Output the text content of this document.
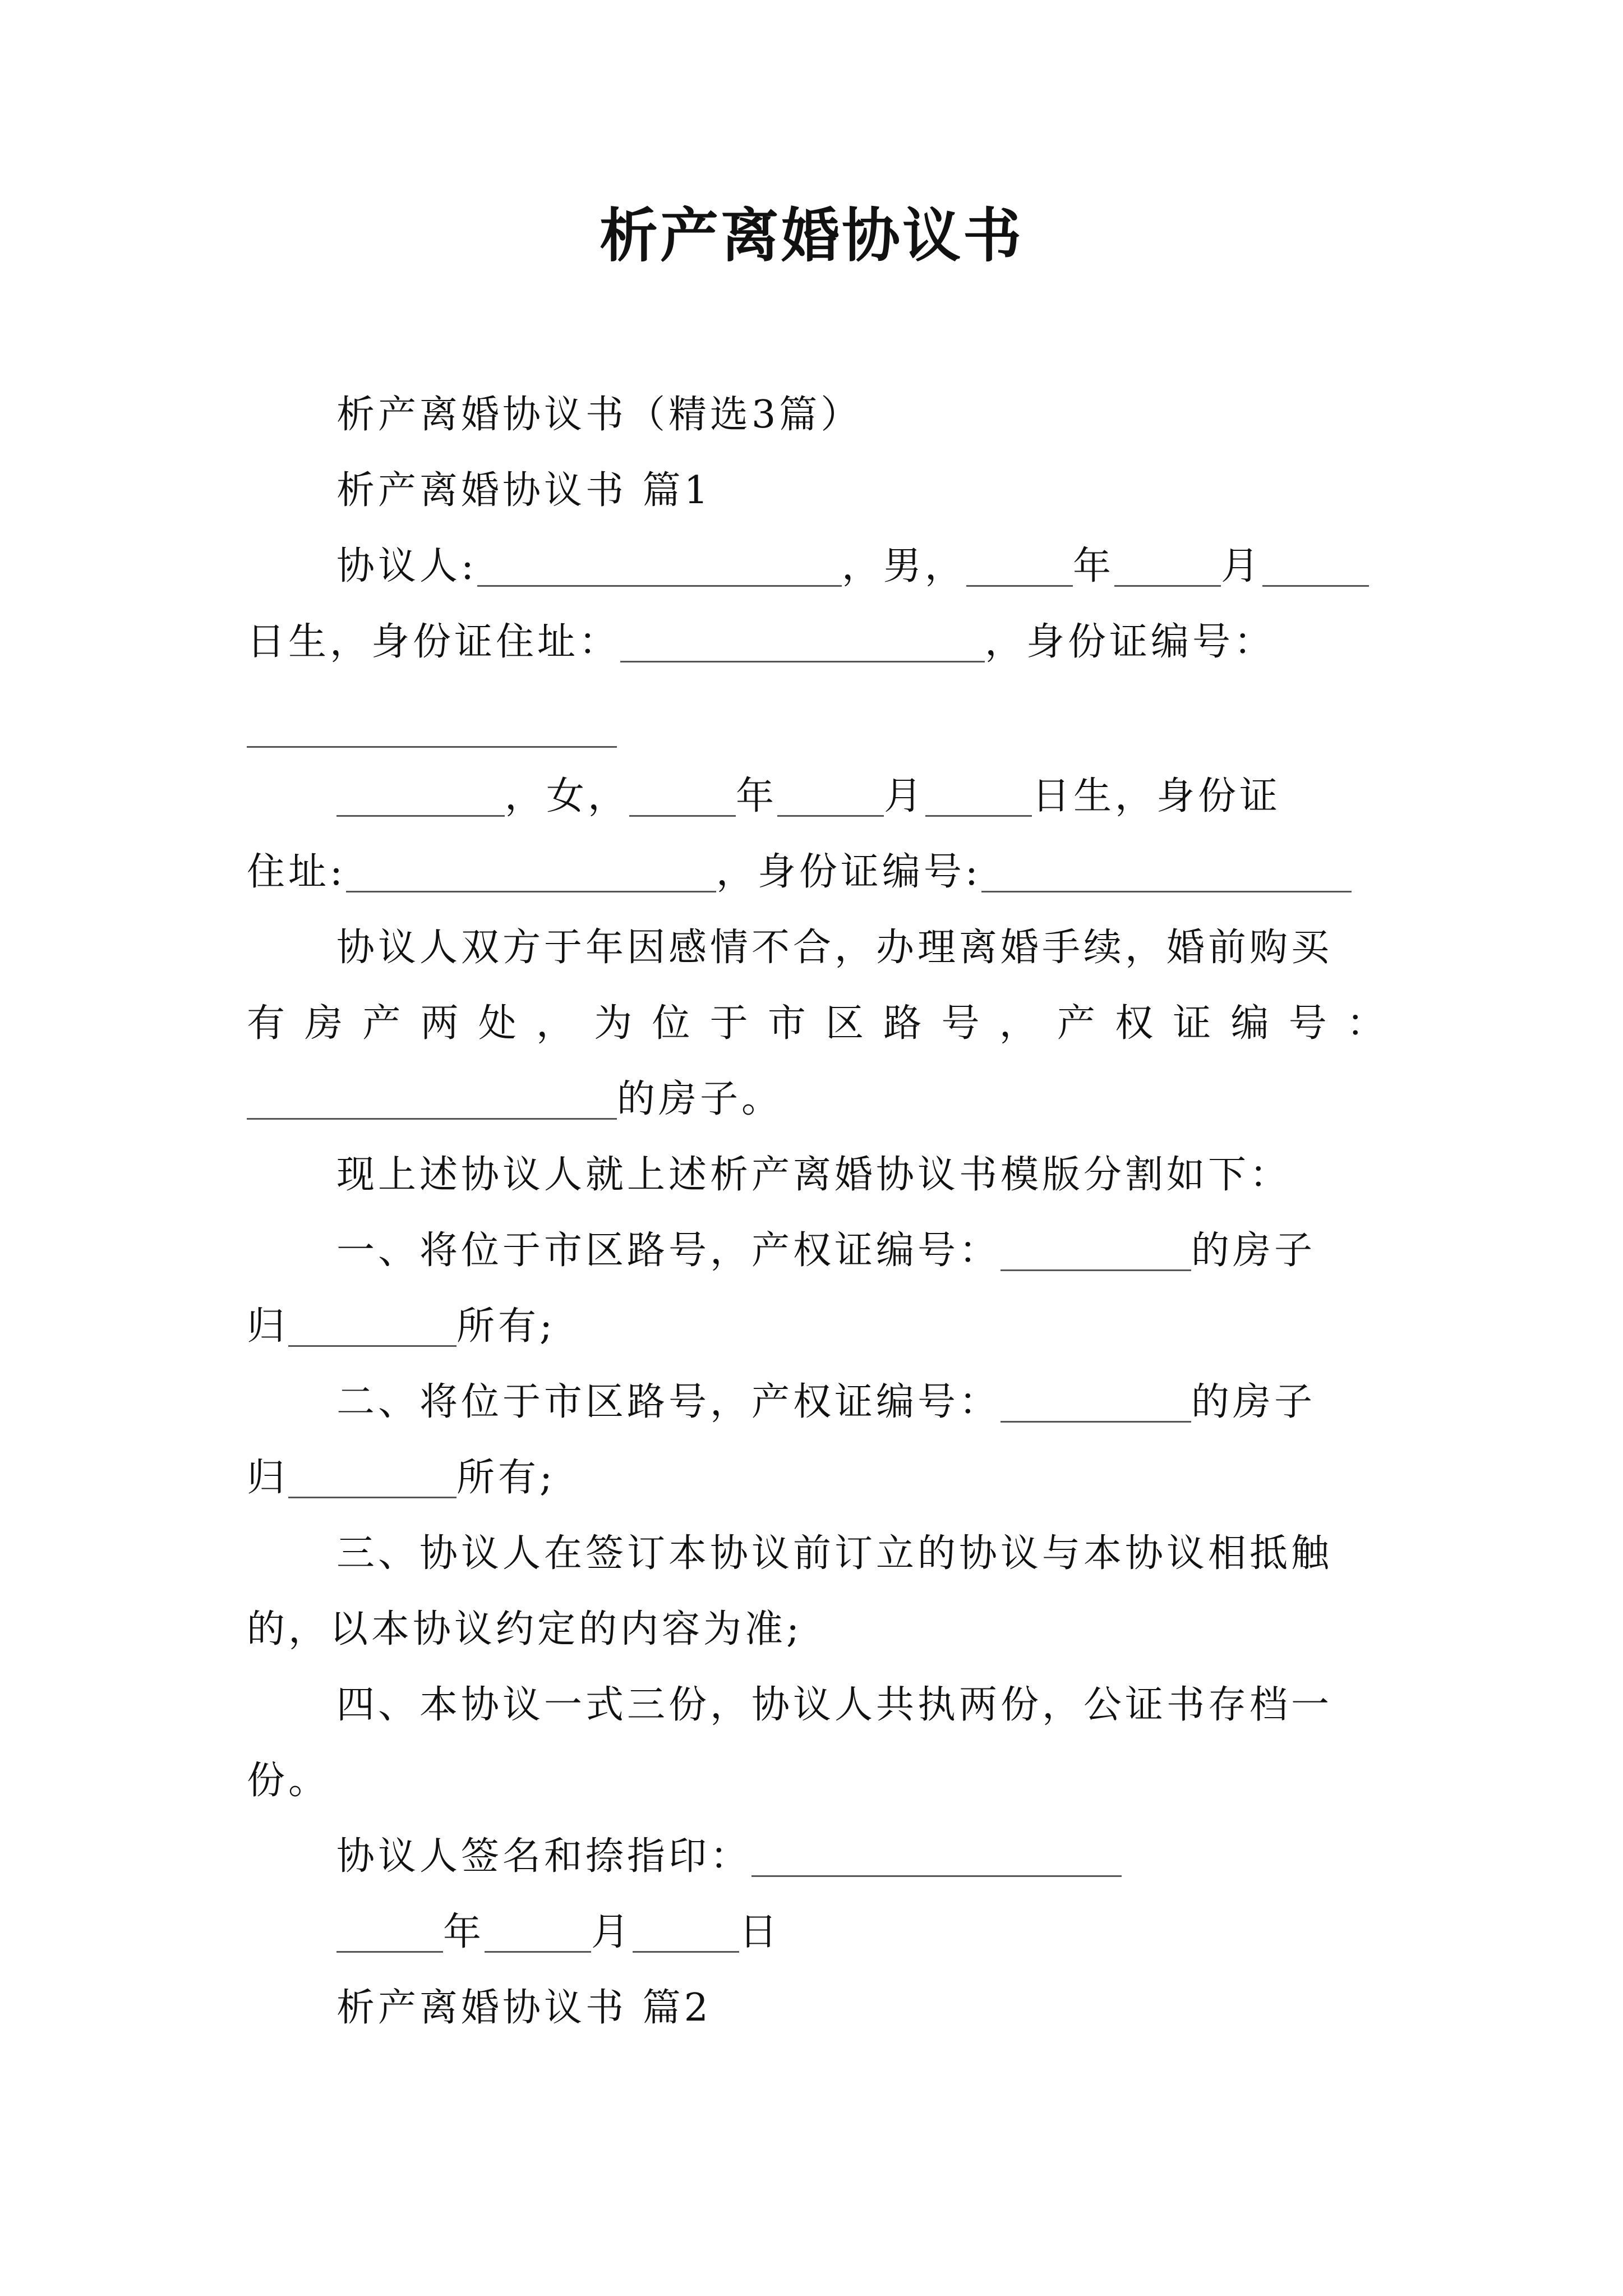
析产离婚协议书
析产离婚协议书（精选3篇）
析产离婚协议书 篇1
协议人:	，男，	年	月
日生，身份证住址：	，身份证编号：
，女，	年	月	日生，身份证
住址:	，身份证编号:
协议人双方于年因感情不合，办理离婚手续，婚前购买
有房产两处，为位于市区路号，产权证编号：
的房子。
现上述协议人就上述析产离婚协议书模版分割如下：
一、将位于市区路号，产权证编号：	的房子
归	所有;
二、将位于市区路号，产权证编号：	的房子
归	所有;
三、协议人在签订本协议前订立的协议与本协议相抵触
的，以本协议约定的内容为准;
四、本协议一式三份，协议人共执两份，公证书存档一
份。
协议人签名和捺指印：
年	月	日
析产离婚协议书 篇2
